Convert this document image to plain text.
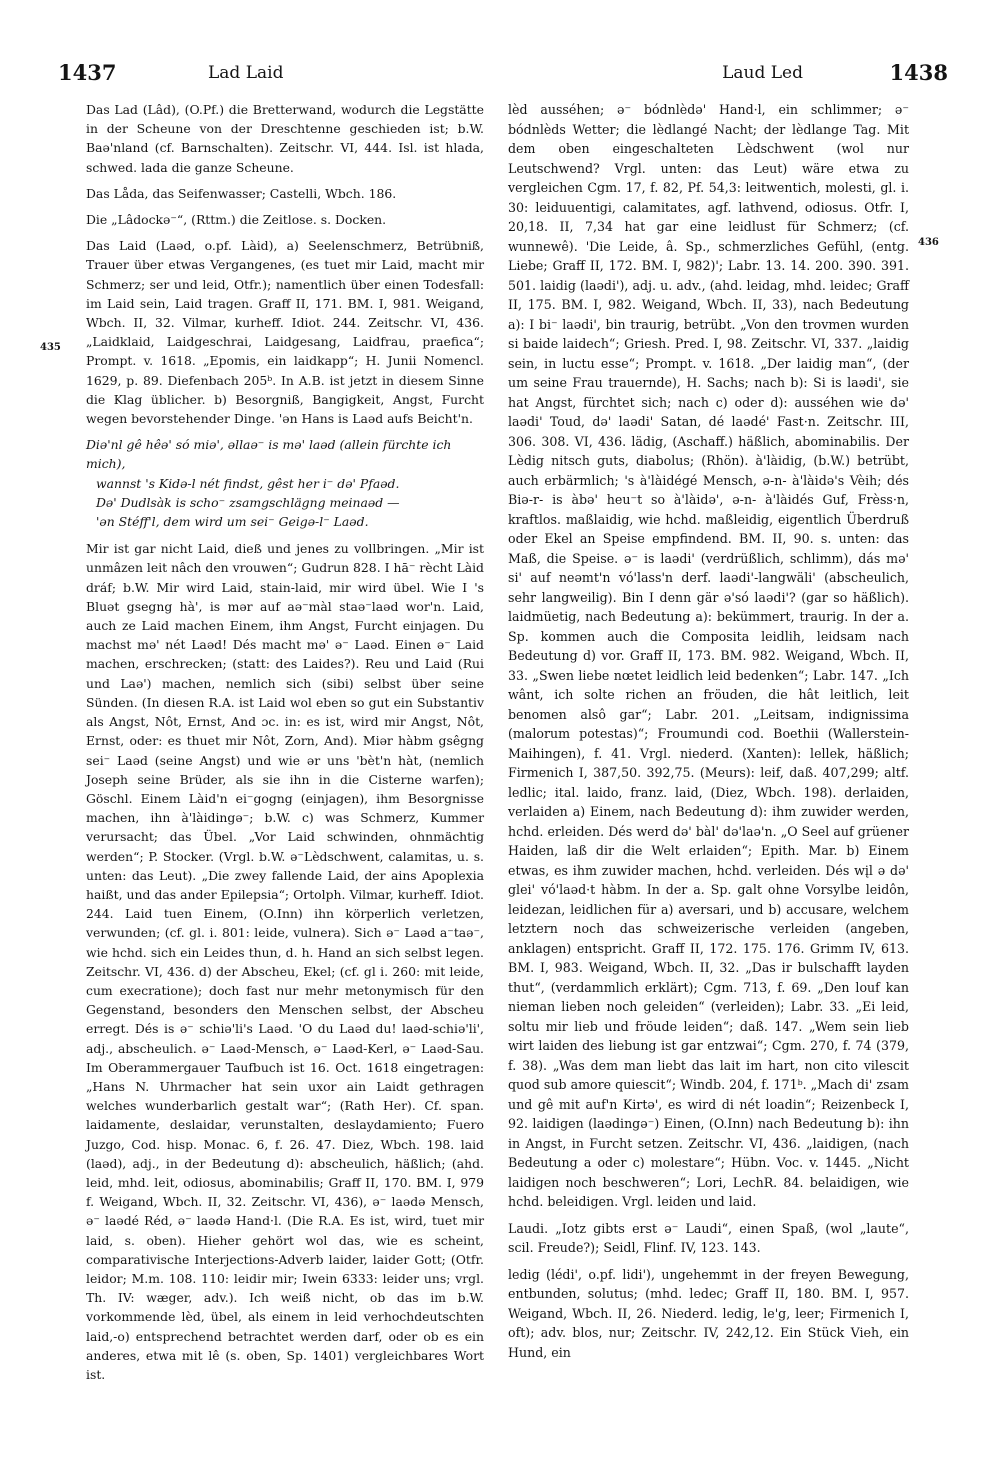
1437	Lad Laid	Laud Led	1438
435
436

Das Lad (Lâd), (O.Pf.) die Bretterwand, wodurch die Legstätte in der Scheune von der Dreschtenne geschieden ist; b.W. Baə'nland (cf. Barnschalten). Zeitschr. VI, 444. Isl. ist hlada, schwed. lada die ganze Scheune.

Das Låda, das Seifenwasser; Castelli, Wbch. 186.

Die „Lâdockə⁻“, (Rttm.) die Zeitlose. s. Docken.

Das Laid (Laəd, o.pf. Làid), a) Seelenschmerz, Betrübniß, Trauer über etwas Vergangenes, (es tuet mir Laid, macht mir Schmerz; ser und leid, Otfr.); namentlich über einen Todesfall: im Laid sein, Laid tragen. Graff II, 171. BM. I, 981. Weigand, Wbch. II, 32. Vilmar, kurheff. Idiot. 244. Zeitschr. VI, 436. „Laidklaid, Laidgeschrai, Laidgesang, Laidfrau, praefica“; Prompt. v. 1618. „Epomis, ein laidkapp“; H. Junii Nomencl. 1629, p. 89. Diefenbach 205ᵇ. In A.B. ist jetzt in diesem Sinne die Klag üblicher. b) Besorgniß, Bangigkeit, Angst, Furcht wegen bevorstehender Dinge. 'ən Hans is Laəd aufs Beicht'n.

Diə'nl gê hêə' só miə', əllaə⁻ is mə' laəd (allein fürchte ich mich),
wannst 's Kidə-l nét findst, gêst her i⁻ də' Pfaəd.
Də' Dudlsàk is scho⁻ zsamgschlägng meinaəd —
'ən Stéff'l, dem wird um sei⁻ Geigə-l⁻ Laəd.

Mir ist gar nicht Laid, dieß und jenes zu vollbringen. „Mir ist unmâzen leit nâch den vrouwen“; Gudrun 828. I hā⁻ rècht Làid dráf; b.W. Mir wird Laid, stain-laid, mir wird übel. Wie I 's Bluət gsegng hà', is mər auf aə⁻màl staə⁻laəd wor'n. Laid, auch ze Laid machen Einem, ihm Angst, Furcht einjagen. Du machst mə' nét Laəd! Dés macht mə' ə⁻ Laəd. Einen ə⁻ Laid machen, erschrecken; (statt: des Laides?). Reu und Laid (Rui und Laə') machen, nemlich sich (sibi) selbst über seine Sünden. (In diesen R.A. ist Laid wol eben so gut ein Substantiv als Angst, Nôt, Ernst, And ɔc. in: es ist, wird mir Angst, Nôt, Ernst, oder: es thuet mir Nôt, Zorn, And). Miər hàbm gsêgng sei⁻ Laəd (seine Angst) und wie ər uns 'bèt'n hàt, (nemlich Joseph seine Brüder, als sie ihn in die Cisterne warfen); Göschl. Einem Làid'n ei⁻gogng (einjagen), ihm Besorgnisse machen, ihn à'làidingə⁻; b.W. c) was Schmerz, Kummer verursacht; das Übel. „Vor Laid schwinden, ohnmächtig werden“; P. Stocker. (Vrgl. b.W. ə⁻Lèdschwent, calamitas, u. s. unten: das Leut). „Die zwey fallende Laid, der ains Apoplexia haißt, und das ander Epilepsia“; Ortolph. Vilmar, kurheff. Idiot. 244. Laid tuen Einem, (O.Inn) ihn körperlich verletzen, verwunden; (cf. gl. i. 801: leide, vulnera). Sich ə⁻ Laəd a⁻taə⁻, wie hchd. sich ein Leides thun, d. h. Hand an sich selbst legen. Zeitschr. VI, 436. d) der Abscheu, Ekel; (cf. gl i. 260: mit leide, cum execratione); doch fast nur mehr metonymisch für den Gegenstand, besonders den Menschen selbst, der Abscheu erregt. Dés is ə⁻ schiə'li's Laəd. 'O du Laəd du! laəd-schiə'li', adj., abscheulich. ə⁻ Laəd-Mensch, ə⁻ Laəd-Kerl, ə⁻ Laəd-Sau. Im Oberammergauer Taufbuch ist 16. Oct. 1618 eingetragen: „Hans N. Uhrmacher hat sein uxor ain Laidt gethragen welches wunderbarlich gestalt war“; (Rath Her). Cf. span. laidamente, deslaidar, verunstalten, deslaydamiento; Fuero Juzgo, Cod. hisp. Monac. 6, f. 26. 47. Diez, Wbch. 198. laid (laəd), adj., in der Bedeutung d): abscheulich, häßlich; (ahd. leid, mhd. leit, odiosus, abominabilis; Graff II, 170. BM. I, 979 f. Weigand, Wbch. II, 32. Zeitschr. VI, 436), ə⁻ laədə Mensch, ə⁻ laədé Réd, ə⁻ laədə Hand·l. (Die R.A. Es ist, wird, tuet mir laid, s. oben). Hieher gehört wol das, wie es scheint, comparativische Interjections-Adverb laider, laider Gott; (Otfr. leidor; M.m. 108. 110: leidir mir; Iwein 6333: leider uns; vrgl. Th. IV: wæger, adv.). Ich weiß nicht, ob das im b.W. vorkommende lèd, übel, als einem in leid verhochdeutschten laid,-o) entsprechend betrachtet werden darf, oder ob es ein anderes, etwa mit lê (s. oben, Sp. 1401) vergleichbares Wort ist.

lèd ausséhen; ə⁻ bódnlèdə' Hand·l, ein schlimmer; ə⁻ bódnlèds Wetter; die lèdlangé Nacht; der lèdlange Tag. Mit dem oben eingeschalteten Lèdschwent (wol nur Leutschwend? Vrgl. unten: das Leut) wäre etwa zu vergleichen Cgm. 17, f. 82, Pf. 54,3: leitwentich, molesti, gl. i. 30: leiduuentigi, calamitates, agf. lathvend, odiosus. Otfr. I, 20,18. II, 7,34 hat gar eine leidlust für Schmerz; (cf. wunnewê). 'Die Leide, â. Sp., schmerzliches Gefühl, (entg. Liebe; Graff II, 172. BM. I, 982)'; Labr. 13. 14. 200. 390. 391. 501. laidig (laədi'), adj. u. adv., (ahd. leidag, mhd. leidec; Graff II, 175. BM. I, 982. Weigand, Wbch. II, 33), nach Bedeutung a): I bi⁻ laədi', bin traurig, betrübt. „Von den trovmen wurden si baide laidech“; Griesh. Pred. I, 98. Zeitschr. VI, 337. „laidig sein, in luctu esse“; Prompt. v. 1618. „Der laidig man“, (der um seine Frau trauernde), H. Sachs; nach b): Si is laədi', sie hat Angst, fürchtet sich; nach c) oder d): ausséhen wie də' laədi' Toud, də' laədi' Satan, dé laədé' Fast·n. Zeitschr. III, 306. 308. VI, 436. lädig, (Aschaff.) häßlich, abominabilis. Der Lèdig nitsch guts, diabolus; (Rhön). à'làidig, (b.W.) betrübt, auch erbärmlich; 's à'làidégé Mensch, ə-n- à'làidə's Vèih; dés Biə-r- is àbə' heu⁻t so à'làidə', ə-n- à'làidés Guf, Frèss·n, kraftlos. maßlaidig, wie hchd. maßleidig, eigentlich Überdruß oder Ekel an Speise empfindend. BM. II, 90. s. unten: das Maß, die Speise. ə⁻ is laədi' (verdrüßlich, schlimm), dás mə' si' auf neəmt'n vó'lass'n derf. laədi'-langwäli' (abscheulich, sehr langweilig). Bin I denn gär ə'só laədi'? (gar so häßlich). laidmüetig, nach Bedeutung a): bekümmert, traurig. In der a. Sp. kommen auch die Composita leidlih, leidsam nach Bedeutung d) vor. Graff II, 173. BM. 982. Weigand, Wbch. II, 33. „Swen liebe nœtet leidlich leid bedenken“; Labr. 147. „Ich wânt, ich solte richen an fröuden, die hât leitlich, leit benomen alsô gar“; Labr. 201. „Leitsam, indignissima (malorum potestas)“; Froumundi cod. Boethii (Wallerstein-Maihingen), f. 41. Vrgl. niederd. (Xanten): lellek, häßlich; Firmenich I, 387,50. 392,75. (Meurs): leif, daß. 407,299; altf. ledlic; ital. laido, franz. laid, (Diez, Wbch. 198). derlaiden, verlaiden a) Einem, nach Bedeutung d): ihm zuwider werden, hchd. erleiden. Dés werd də' bàl' də'laə'n. „O Seel auf grüener Haiden, laß dir die Welt erlaiden“; Epith. Mar. b) Einem etwas, es ihm zuwider machen, hchd. verleiden. Dés wįl ə də' glei' vó'laəd·t hàbm. In der a. Sp. galt ohne Vorsylbe leidôn, leidezan, leidlichen für a) aversari, und b) accusare, welchem letztern noch das schweizerische verleiden (angeben, anklagen) entspricht. Graff II, 172. 175. 176. Grimm IV, 613. BM. I, 983. Weigand, Wbch. II, 32. „Das ir bulschafft layden thut“, (verdammlich erklärt); Cgm. 713, f. 69. „Den louf kan nieman lieben noch geleiden“ (verleiden); Labr. 33. „Ei leid, soltu mir lieb und fröude leiden“; daß. 147. „Wem sein lieb wirt laiden des liebung ist gar entzwai“; Cgm. 270, f. 74 (379, f. 38). „Was dem man liebt das lait im hart, non cito vilescit quod sub amore quiescit“; Windb. 204, f. 171ᵇ. „Mach di' zsam und gê mit auf'n Kirtə', es wird di nét loadin“; Reizenbeck I, 92. laidigen (laədingə⁻) Einen, (O.Inn) nach Bedeutung b): ihn in Angst, in Furcht setzen. Zeitschr. VI, 436. „laidigen, (nach Bedeutung a oder c) molestare“; Hübn. Voc. v. 1445. „Nicht laidigen noch beschweren“; Lori, LechR. 84. belaidigen, wie hchd. beleidigen. Vrgl. leiden und laid.

Laudi. „Iotz gibts erst ə⁻ Laudi“, einen Spaß, (wol „laute“, scil. Freude?); Seidl, Flinf. IV, 123. 143.

ledig (lédi', o.pf. lidi'), ungehemmt in der freyen Bewegung, entbunden, solutus; (mhd. ledec; Graff II, 180. BM. I, 957. Weigand, Wbch. II, 26. Niederd. ledig, le'g, leer; Firmenich I, oft); adv. blos, nur; Zeitschr. IV, 242,12. Ein Stück Vieh, ein Hund, ein
